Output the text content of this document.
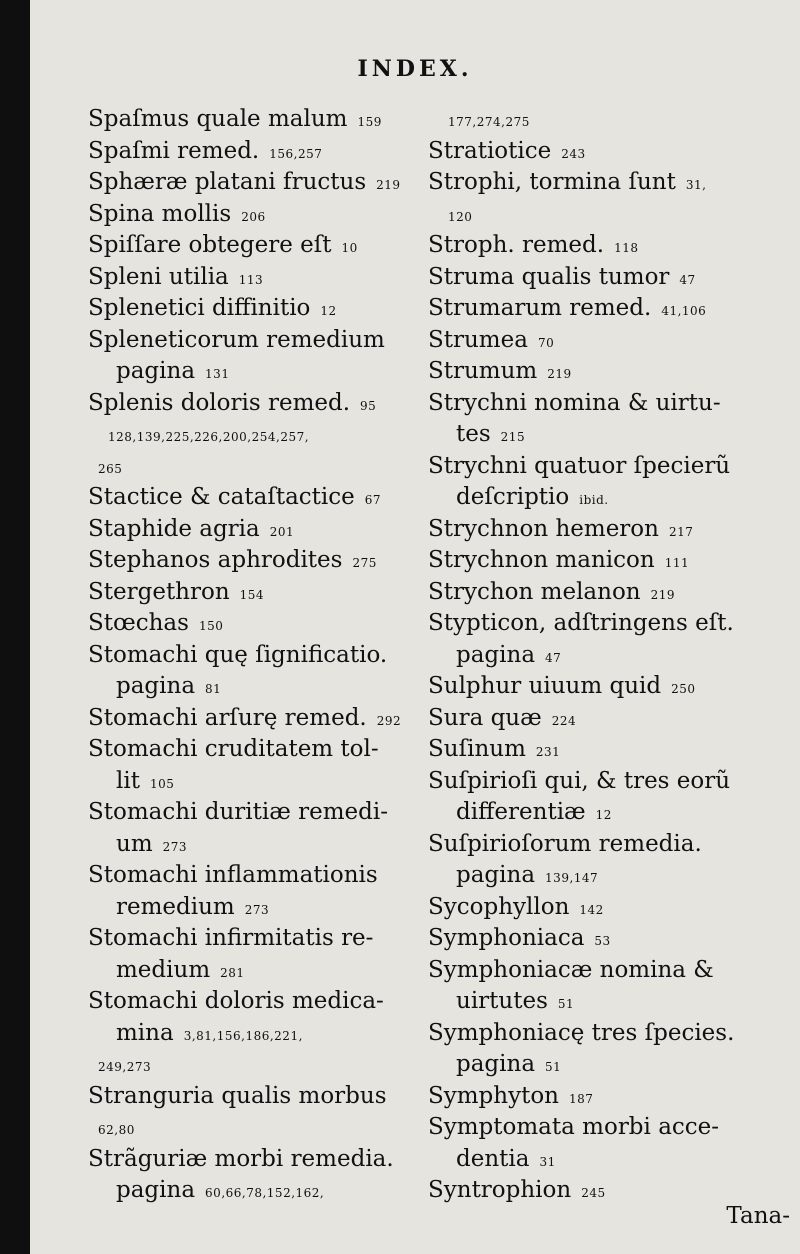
INDEX.
Spaſmus quale malum 159
Spaſmi remed. 156,257
Sphæræ platani fructus 219
Spina mollis 206
Spiſſare obtegere eſt 10
Spleni utilia 113
Splenetici diffinitio 12
Spleneticorum remedium
pagina 131
Splenis doloris remed. 95
128,139,225,226,200,254,257,
265
Stactice & cataſtactice 67
Staphide agria 201
Stephanos aphrodites 275
Stergethron 154
Stœchas 150
Stomachi quę ſignificatio.
pagina 81
Stomachi arſurę remed. 292
Stomachi cruditatem tol-
lit 105
Stomachi duritiæ remedi-
um 273
Stomachi inflammationis
remedium 273
Stomachi infirmitatis re-
medium 281
Stomachi doloris medica-
mina 3,81,156,186,221,
249,273
Stranguria qualis morbus
62,80
Strãguriæ morbi remedia.
pagina 60,66,78,152,162,
177,274,275
Stratiotice 243
Strophi, tormina ſunt 31,
120
Stroph. remed. 118
Struma qualis tumor 47
Strumarum remed. 41,106
Strumea 70
Strumum 219
Strychni nomina & uirtu-
tes 215
Strychni quatuor ſpecierũ
deſcriptio ibid.
Strychnon hemeron 217
Strychnon manicon 111
Strychon melanon 219
Stypticon, adſtringens eſt.
pagina 47
Sulphur uiuum quid 250
Sura quæ 224
Suſinum 231
Suſpirioſi qui, & tres eorũ
differentiæ 12
Suſpirioſorum remedia.
pagina 139,147
Sycophyllon 142
Symphoniaca 53
Symphoniacæ nomina &
uirtutes 51
Symphoniacę tres ſpecies.
pagina 51
Symphyton 187
Symptomata morbi acce-
dentia 31
Syntrophion 245
Tana-
